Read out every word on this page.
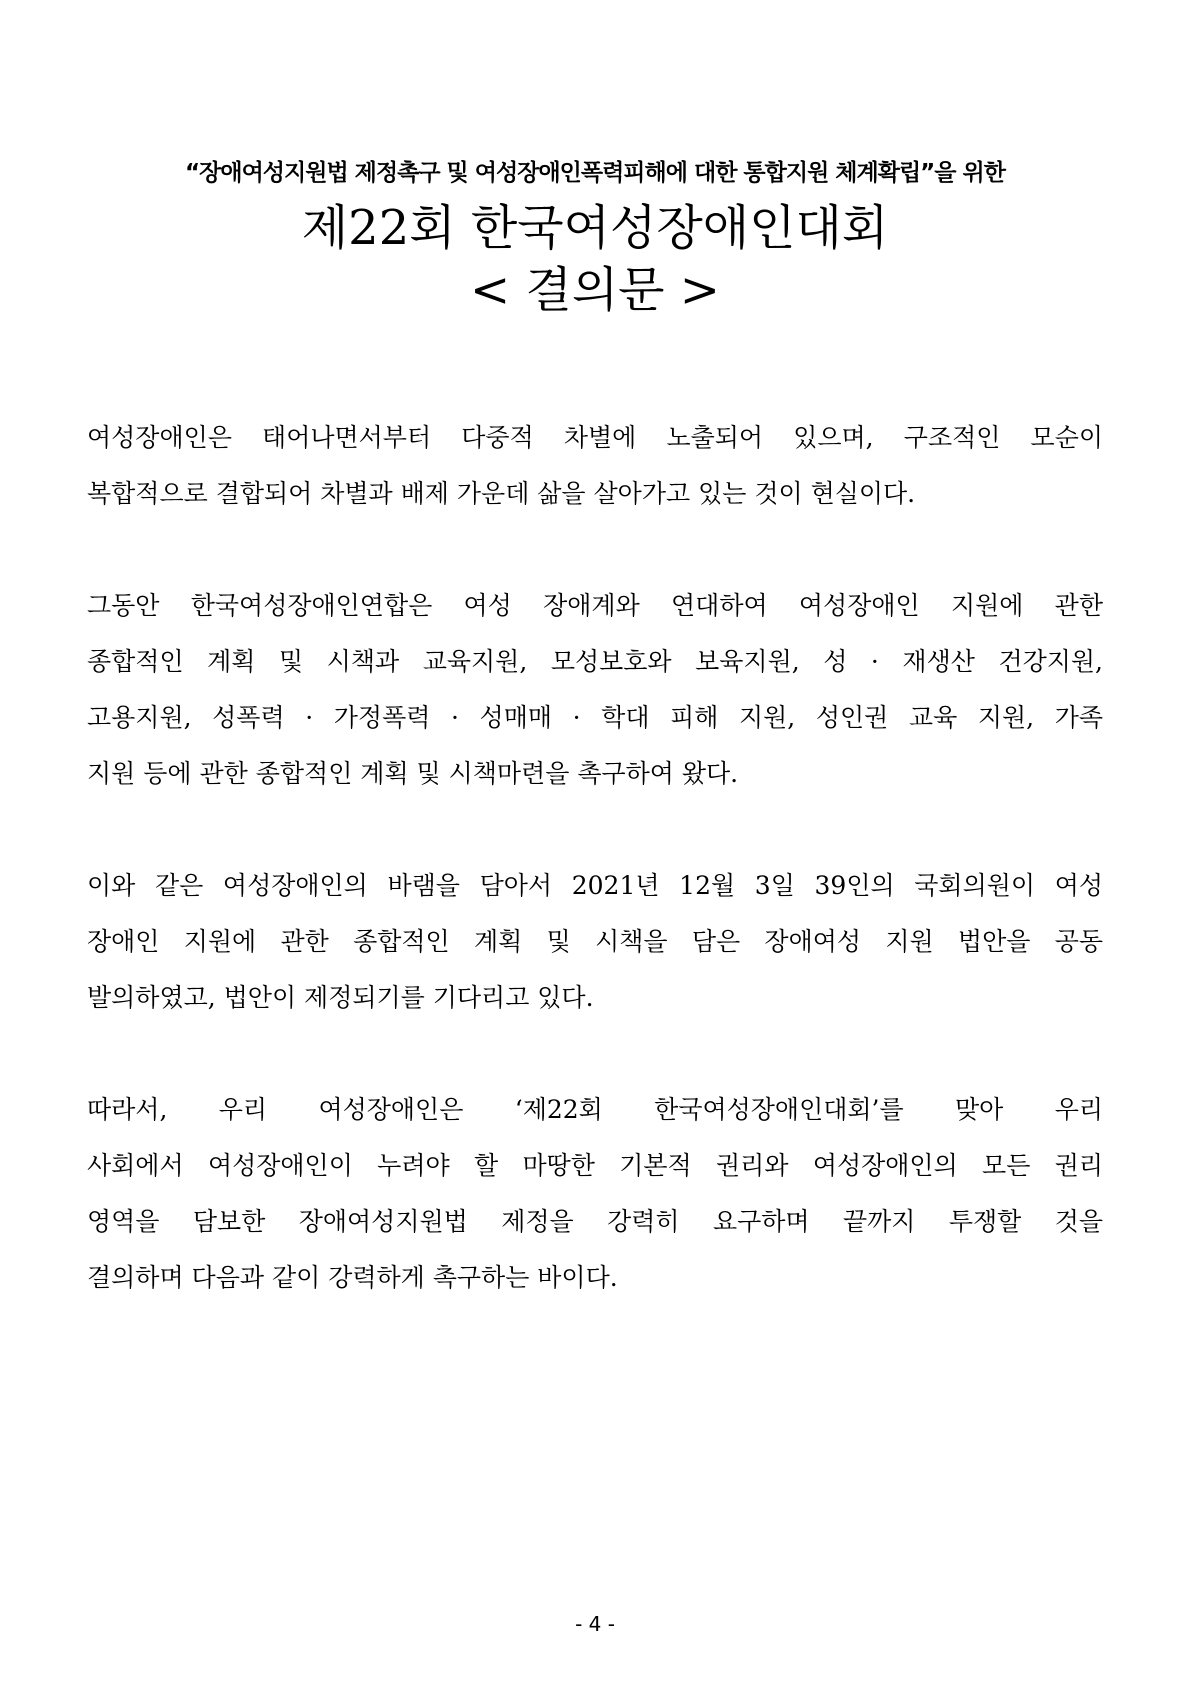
“장애여성지원법 제정촉구 및 여성장애인폭력피해에 대한 통합지원 체계확립”을 위한
제22회 한국여성장애인대회
< 결의문 >

여성장애인은 태어나면서부터 다중적 차별에 노출되어 있으며, 구조적인 모순이
복합적으로 결합되어 차별과 배제 가운데 삶을 살아가고 있는 것이 현실이다.

그동안 한국여성장애인연합은 여성 장애계와 연대하여 여성장애인 지원에 관한
종합적인 계획 및 시책과 교육지원, 모성보호와 보육지원, 성 · 재생산 건강지원,
고용지원, 성폭력 · 가정폭력 · 성매매 · 학대 피해 지원, 성인권 교육 지원, 가족
지원 등에 관한 종합적인 계획 및 시책마련을 촉구하여 왔다.

이와 같은 여성장애인의 바램을 담아서 2021년 12월 3일 39인의 국회의원이 여성
장애인 지원에 관한 종합적인 계획 및 시책을 담은 장애여성 지원 법안을 공동
발의하였고, 법안이 제정되기를 기다리고 있다.

따라서, 우리 여성장애인은 ‘제22회 한국여성장애인대회’를 맞아 우리
사회에서 여성장애인이 누려야 할 마땅한 기본적 권리와 여성장애인의 모든 권리
영역을 담보한 장애여성지원법 제정을 강력히 요구하며 끝까지 투쟁할 것을
결의하며 다음과 같이 강력하게 촉구하는 바이다.

- 4 -
